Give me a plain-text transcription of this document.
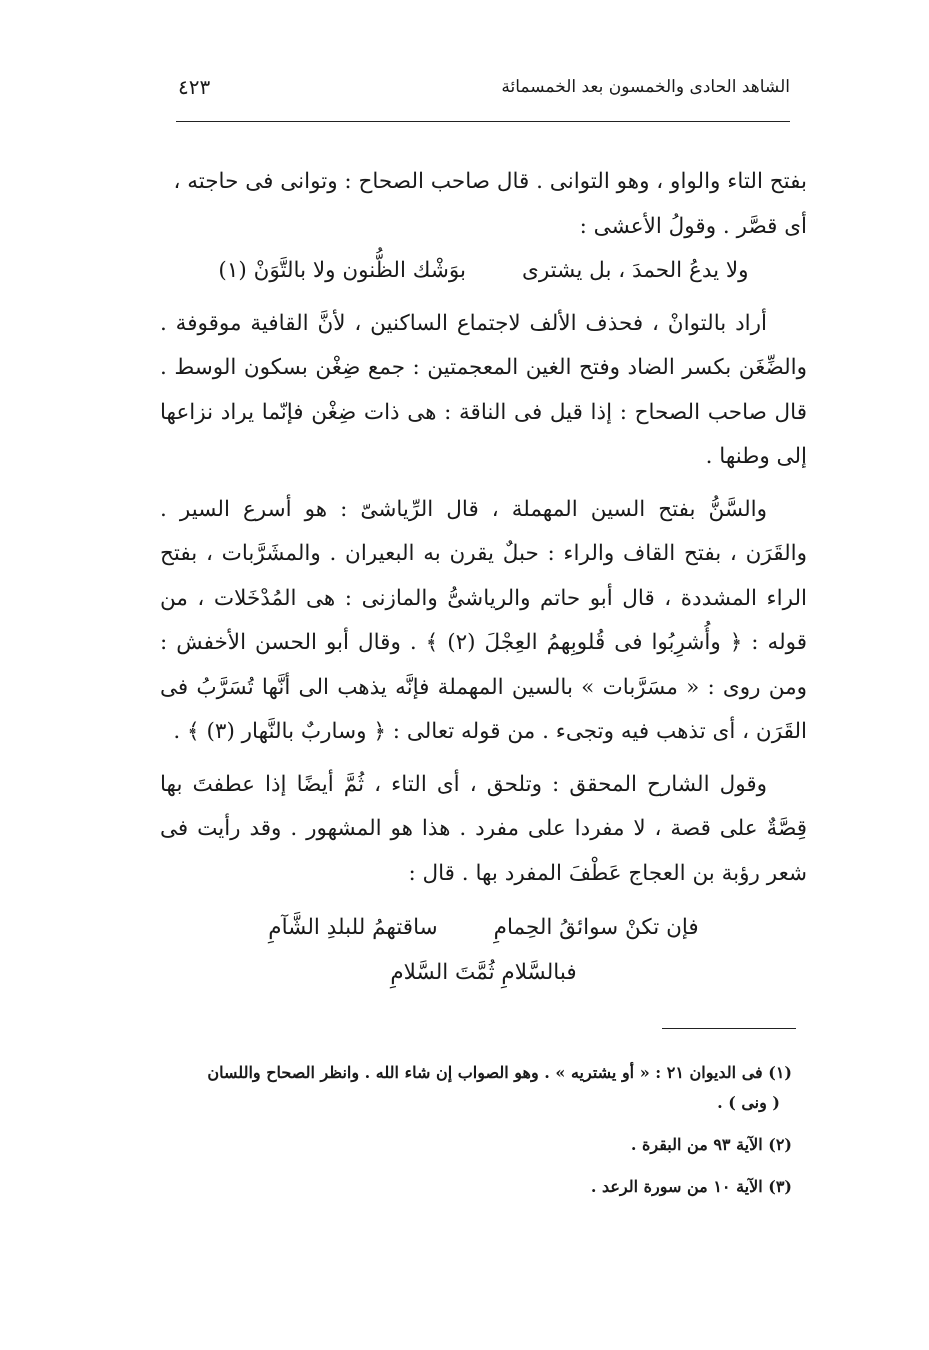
الشاهد الحادى والخمسون بعد الخمسمائة
٤٢٣

بفتح التاء والواو ، وهو التوانى . قال صاحب الصحاح : وتوانى فى حاجته ،

أى قصَّر . وقولُ الأعشى :

ولا يدعُ الحمدَ ، بل يشترى
بوَشْك الظُّنون ولا بالتَّوَنْ (١)

أراد بالتوانْ ، فحذف الألف لاجتماع الساكنين ، لأنَّ القافية موقوفة . والضِّغَن بكسر الضاد وفتح الغين المعجمتين : جمع ضِغْن بسكون الوسط . قال صاحب الصحاح : إذا قيل فى الناقة : هى ذات ضِغْن فإنّما يراد نزاعها إلى وطنها .

والسَّنُّ بفتح السين المهملة ، قال الرِّياشىّ : هو أسرع السير . والقَرَن ، بفتح القاف والراء : حبلٌ يقرن به البعيران . والمشَرَّبات ، بفتح الراء المشددة ، قال أبو حاتم والرياشىُّ والمازنى : هى المُدْخَلات ، من قوله : ﴿ وأُشرِبُوا فى قُلوبِهمُ العِجْلَ (٢) ﴾ . وقال أبو الحسن الأخفش : ومن روى : « مسَرَّبات » بالسين المهملة فإنَّه يذهب الى أنَّها تُسَرَّبُ فى القَرَن ، أى تذهب فيه وتجىء . من قوله تعالى : ﴿ وساربٌ بالنَّهار (٣) ﴾ .

وقول الشارح المحقق : وتلحق ، أى التاء ، ثُمَّ أيضًا إذا عطفتَ بها قِصَّةٌ على قصة ، لا مفردا على مفرد . هذا هو المشهور . وقد رأيت فى شعر رؤبة بن العجاج عَطْفَ المفرد بها . قال :

فإن تكنْ سوائقُ الحِمامِ
ساقتهمُ للبلدِ الشَّآمِ

فبالسَّلامِ ثُمَّتَ السَّلامِ

(١) فى الديوان ٢١ : « أو يشتريه » . وهو الصواب إن شاء الله . وانظر الصحاح واللسان

( ونى ) .

(٢) الآية ٩٣ من البقرة .

(٣) الآية ١٠ من سورة الرعد .
